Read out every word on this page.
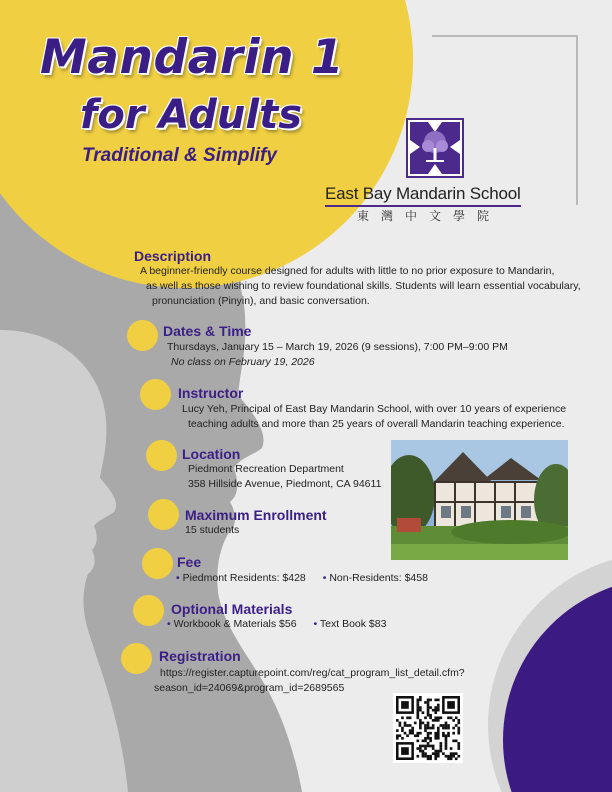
Mandarin 1
for Adults
Traditional & Simplify
East Bay Mandarin School
東灣中文學院
Description
A beginner-friendly course designed for adults with little to no prior exposure to Mandarin,
as well as those wishing to review foundational skills. Students will learn essential vocabulary,
pronunciation (Pinyin), and basic conversation.
Dates & Time
Thursdays, January 15 – March 19, 2026 (9 sessions), 7:00 PM–9:00 PM
No class on February 19, 2026
Instructor
Lucy Yeh, Principal of East Bay Mandarin School, with over 10 years of experience
teaching adults and more than 25 years of overall Mandarin teaching experience.
Location
Piedmont Recreation Department
358 Hillside Avenue, Piedmont, CA 94611
Maximum Enrollment
15 students
Fee
• Piedmont Residents: $428 • Non-Residents: $458
Optional Materials
• Workbook & Materials $56 • Text Book $83
Registration
https://register.capturepoint.com/reg/cat_program_list_detail.cfm?
season_id=24069&program_id=2689565
